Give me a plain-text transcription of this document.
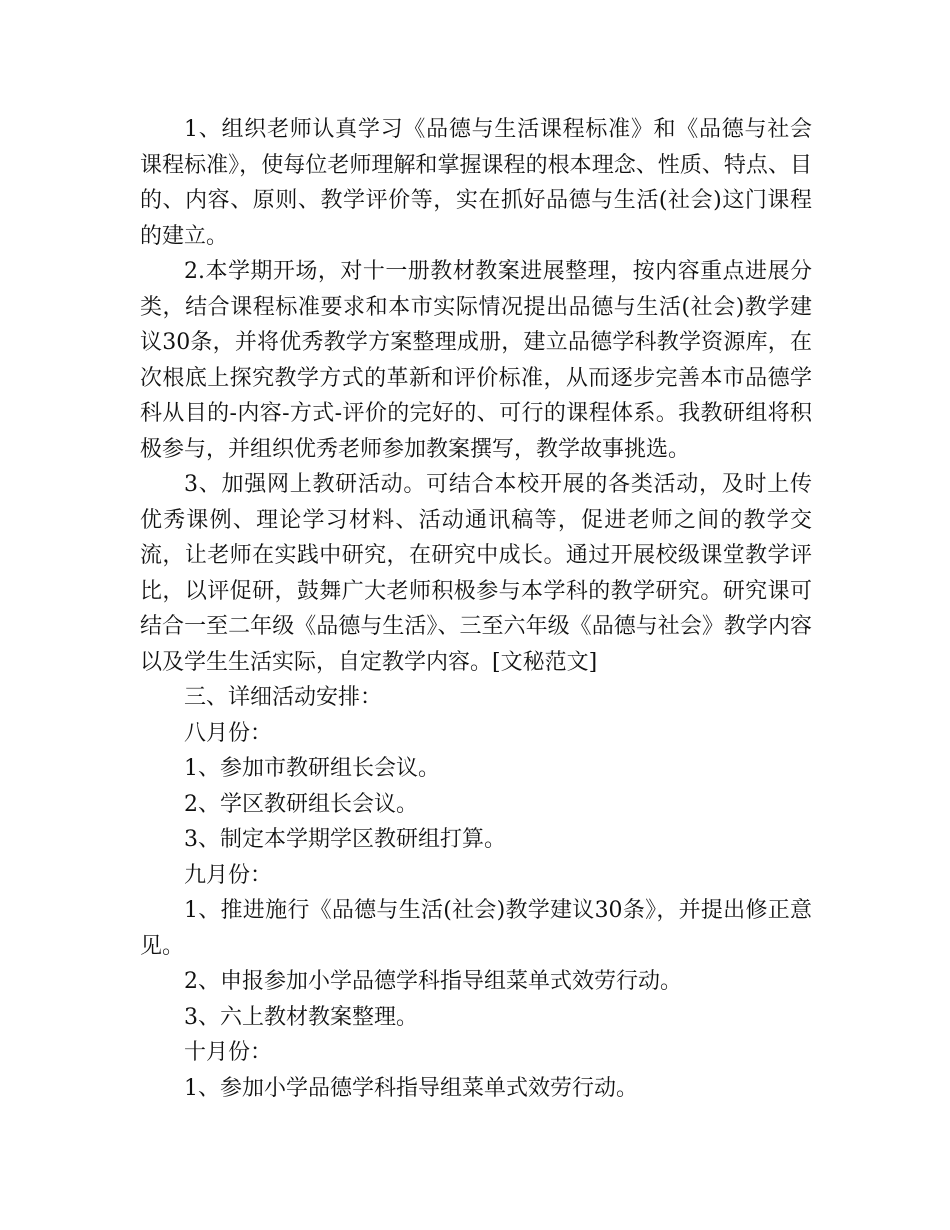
1、组织老师认真学习《品德与生活课程标准》和《品德与社会课程标准》，使每位老师理解和掌握课程的根本理念、性质、特点、目的、内容、原则、教学评价等，实在抓好品德与生活(社会)这门课程的建立。

2.本学期开场，对十一册教材教案进展整理，按内容重点进展分类，结合课程标准要求和本市实际情况提出品德与生活(社会)教学建议30条，并将优秀教学方案整理成册，建立品德学科教学资源库，在次根底上探究教学方式的革新和评价标准，从而逐步完善本市品德学科从目的-内容-方式-评价的完好的、可行的课程体系。我教研组将积极参与，并组织优秀老师参加教案撰写，教学故事挑选。

3、加强网上教研活动。可结合本校开展的各类活动，及时上传优秀课例、理论学习材料、活动通讯稿等，促进老师之间的教学交流，让老师在实践中研究，在研究中成长。通过开展校级课堂教学评比，以评促研，鼓舞广大老师积极参与本学科的教学研究。研究课可结合一至二年级《品德与生活》、三至六年级《品德与社会》教学内容以及学生生活实际，自定教学内容。[文秘范文]

三、详细活动安排：

八月份：

1、参加市教研组长会议。

2、学区教研组长会议。

3、制定本学期学区教研组打算。

九月份：

1、推进施行《品德与生活(社会)教学建议30条》，并提出修正意见。

2、申报参加小学品德学科指导组菜单式效劳行动。

3、六上教材教案整理。

十月份：

1、参加小学品德学科指导组菜单式效劳行动。
